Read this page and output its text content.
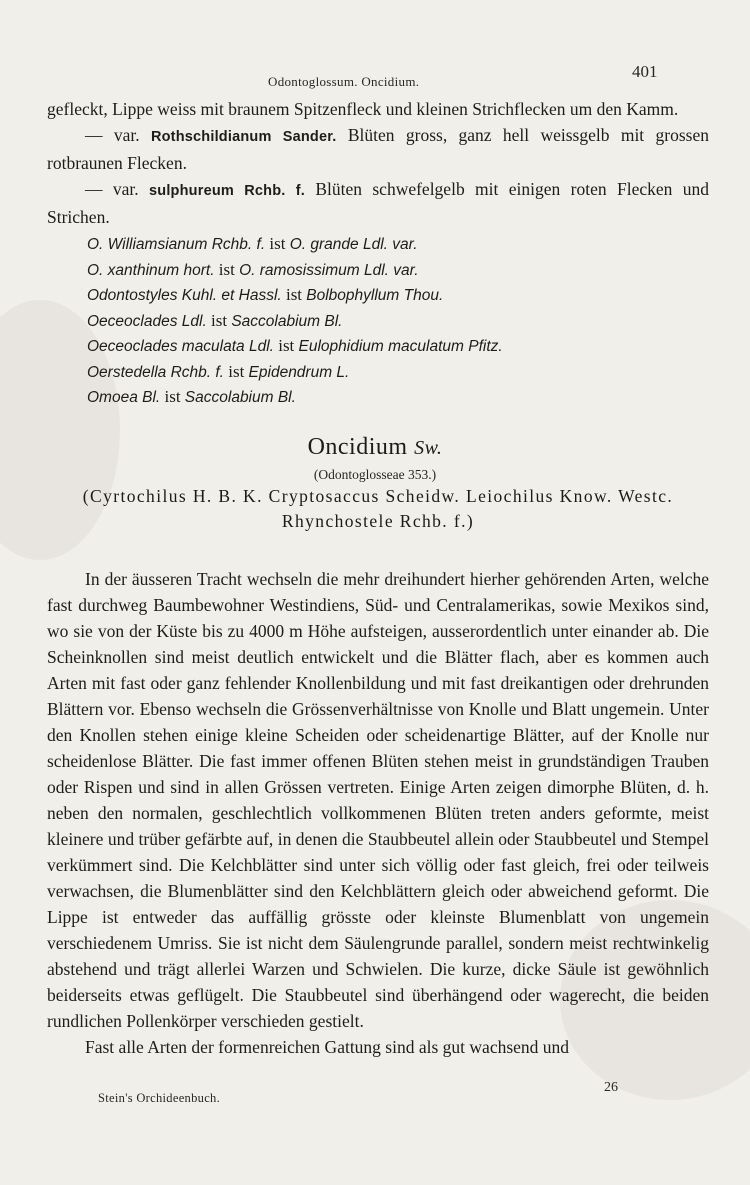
Odontoglossum. Oncidium.
401

gefleckt, Lippe weiss mit braunem Spitzenfleck und kleinen Strichflecken um den Kamm.

— var. Rothschildianum Sander. Blüten gross, ganz hell weissgelb mit grossen rotbraunen Flecken.

— var. sulphureum Rchb. f. Blüten schwefelgelb mit einigen roten Flecken und Strichen.

O. Williamsianum Rchb. f. ist O. grande Ldl. var.
O. xanthinum hort. ist O. ramosissimum Ldl. var.
Odontostyles Kuhl. et Hassl. ist Bolbophyllum Thou.
Oeceoclades Ldl. ist Saccolabium Bl.
Oeceoclades maculata Ldl. ist Eulophidium maculatum Pfitz.
Oerstedella Rchb. f. ist Epidendrum L.
Omoea Bl. ist Saccolabium Bl.
Oncidium Sw.
(Odontoglosseae 353.)
(Cyrtochilus H. B. K. Cryptosaccus Scheidw. Leiochilus Know. Westc. Rhynchostele Rchb. f.)

In der äusseren Tracht wechseln die mehr dreihundert hierher gehörenden Arten, welche fast durchweg Baumbewohner Westindiens, Süd- und Centralamerikas, sowie Mexikos sind, wo sie von der Küste bis zu 4000 m Höhe aufsteigen, ausserordentlich unter einander ab. Die Scheinknollen sind meist deutlich entwickelt und die Blätter flach, aber es kommen auch Arten mit fast oder ganz fehlender Knollenbildung und mit fast dreikantigen oder drehrunden Blättern vor. Ebenso wechseln die Grössenverhältnisse von Knolle und Blatt ungemein. Unter den Knollen stehen einige kleine Scheiden oder scheidenartige Blätter, auf der Knolle nur scheidenlose Blätter. Die fast immer offenen Blüten stehen meist in grundständigen Trauben oder Rispen und sind in allen Grössen vertreten. Einige Arten zeigen dimorphe Blüten, d. h. neben den normalen, geschlechtlich vollkommenen Blüten treten anders geformte, meist kleinere und trüber gefärbte auf, in denen die Staubbeutel allein oder Staubbeutel und Stempel verkümmert sind. Die Kelchblätter sind unter sich völlig oder fast gleich, frei oder teilweis verwachsen, die Blumenblätter sind den Kelchblättern gleich oder abweichend geformt. Die Lippe ist entweder das auffällig grösste oder kleinste Blumenblatt von ungemein verschiedenem Umriss. Sie ist nicht dem Säulengrunde parallel, sondern meist rechtwinkelig abstehend und trägt allerlei Warzen und Schwielen. Die kurze, dicke Säule ist gewöhnlich beiderseits etwas geflügelt. Die Staubbeutel sind überhängend oder wagerecht, die beiden rundlichen Pollenkörper verschieden gestielt.

Fast alle Arten der formenreichen Gattung sind als gut wachsend und

Stein's Orchideenbuch.
26
